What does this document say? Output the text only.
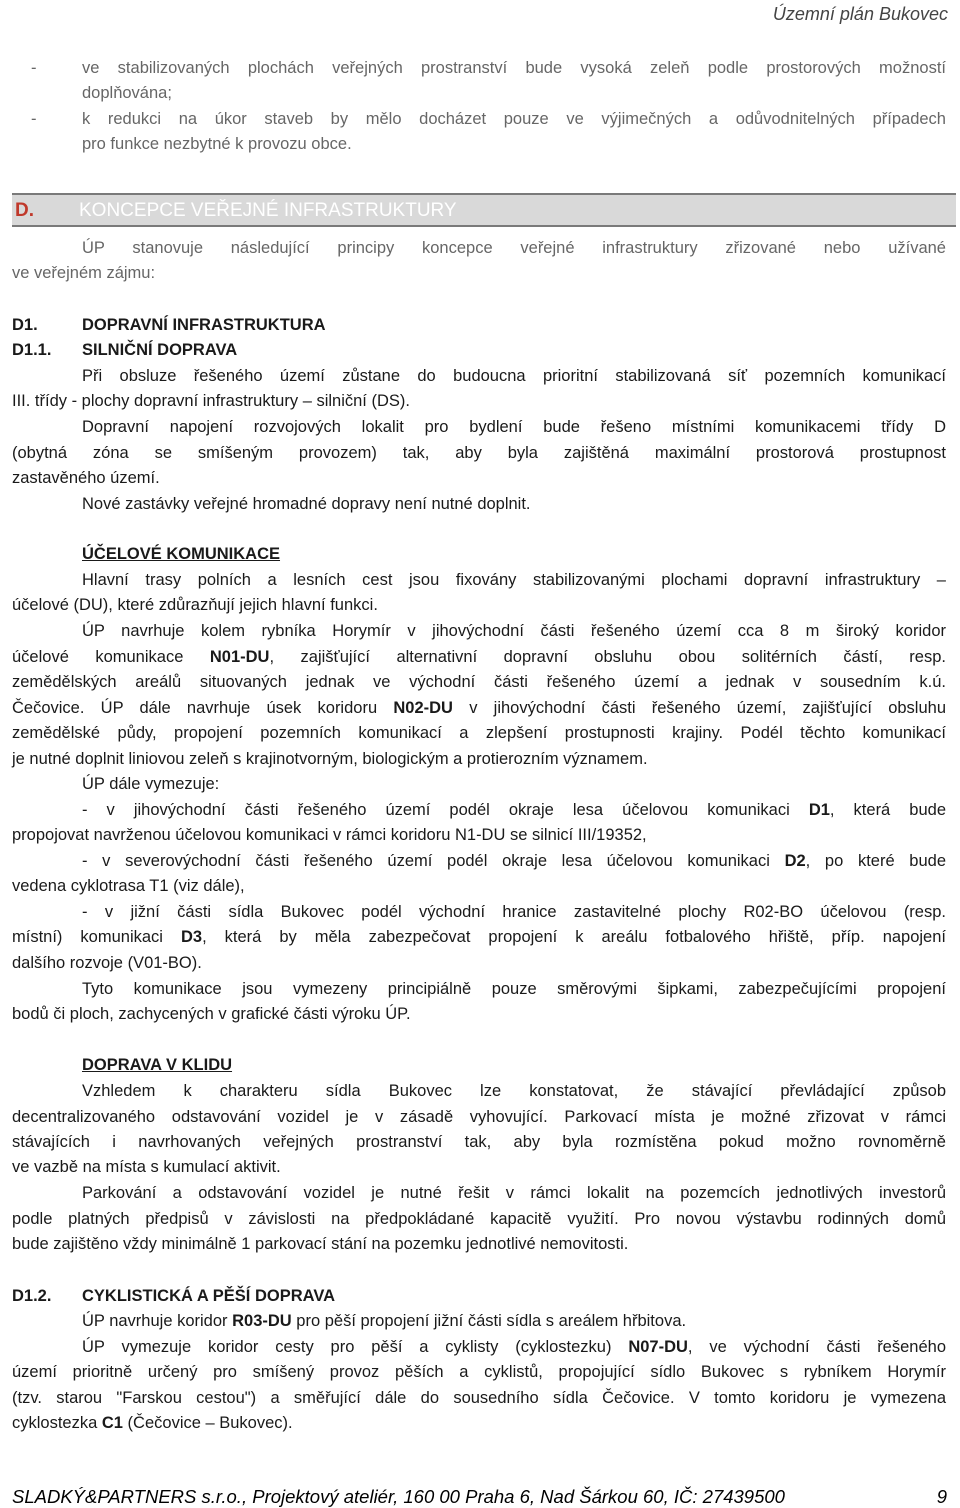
Územní plán Bukovec
-	ve stabilizovaných plochách veřejných prostranství bude vysoká zeleň podle prostorových možností
doplňována;
-	k redukci na úkor staveb by mělo docházet pouze ve výjimečných a odůvodnitelných případech
pro funkce nezbytné k provozu obce.
D. KONCEPCE VEŘEJNÉ INFRASTRUKTURY
ÚP stanovuje následující principy koncepce veřejné infrastruktury zřizované nebo užívané
ve veřejném zájmu:
D1.	DOPRAVNÍ INFRASTRUKTURA
D1.1. SILNIČNÍ DOPRAVA
Při obsluze řešeného území zůstane do budoucna prioritní stabilizovaná síť pozemních komunikací
III. třídy - plochy dopravní infrastruktury – silniční (DS).
Dopravní napojení rozvojových lokalit pro bydlení bude řešeno místními komunikacemi třídy D
(obytná zóna se smíšeným provozem) tak, aby byla zajištěná maximální prostorová prostupnost
zastavěného území.
Nové zastávky veřejné hromadné dopravy není nutné doplnit.
ÚČELOVÉ KOMUNIKACE
Hlavní trasy polních a lesních cest jsou fixovány stabilizovanými plochami dopravní infrastruktury –
účelové (DU), které zdůrazňují jejich hlavní funkci.
ÚP navrhuje kolem rybníka Horymír v jihovýchodní části řešeného území cca 8 m široký koridor
účelové komunikace N01-DU, zajišťující alternativní dopravní obsluhu obou solitérních částí, resp.
zemědělských areálů situovaných jednak ve východní části řešeného území a jednak v sousedním k.ú.
Čečovice. ÚP dále navrhuje úsek koridoru N02-DU v jihovýchodní části řešeného území, zajišťující obsluhu
zemědělské půdy, propojení pozemních komunikací a zlepšení prostupnosti krajiny. Podél těchto komunikací
je nutné doplnit liniovou zeleň s krajinotvorným, biologickým a protierozním významem.
ÚP dále vymezuje:
- v jihovýchodní části řešeného území podél okraje lesa účelovou komunikaci D1, která bude
propojovat navrženou účelovou komunikaci v rámci koridoru N1-DU se silnicí III/19352,
- v severovýchodní části řešeného území podél okraje lesa účelovou komunikaci D2, po které bude
vedena cyklotrasa T1 (viz dále),
- v jižní části sídla Bukovec podél východní hranice zastavitelné plochy R02-BO účelovou (resp.
místní) komunikaci D3, která by měla zabezpečovat propojení k areálu fotbalového hřiště, příp. napojení
dalšího rozvoje (V01-BO).
Tyto komunikace jsou vymezeny principiálně pouze směrovými šipkami, zabezpečujícími propojení
bodů či ploch, zachycených v grafické části výroku ÚP.
DOPRAVA V KLIDU
Vzhledem k charakteru sídla Bukovec lze konstatovat, že stávající převládající způsob
decentralizovaného odstavování vozidel je v zásadě vyhovující. Parkovací místa je možné zřizovat v rámci
stávajících i navrhovaných veřejných prostranství tak, aby byla rozmístěna pokud možno rovnoměrně
ve vazbě na místa s kumulací aktivit.
Parkování a odstavování vozidel je nutné řešit v rámci lokalit na pozemcích jednotlivých investorů
podle platných předpisů v závislosti na předpokládané kapacitě využití. Pro novou výstavbu rodinných domů
bude zajištěno vždy minimálně 1 parkovací stání na pozemku jednotlivé nemovitosti.
D1.2. CYKLISTICKÁ A PĚŠÍ DOPRAVA
ÚP navrhuje koridor R03-DU pro pěší propojení jižní části sídla s areálem hřbitova.
ÚP vymezuje koridor cesty pro pěší a cyklisty (cyklostezku) N07-DU, ve východní části řešeného
území prioritně určený pro smíšený provoz pěších a cyklistů, propojující sídlo Bukovec s rybníkem Horymír
(tzv. starou "Farskou cestou") a směřující dále do sousedního sídla Čečovice. V tomto koridoru je vymezena
cyklostezka C1 (Čečovice – Bukovec).
SLADKÝ&PARTNERS s.r.o., Projektový ateliér, 160 00 Praha 6, Nad Šárkou 60, IČ: 27439500	9
